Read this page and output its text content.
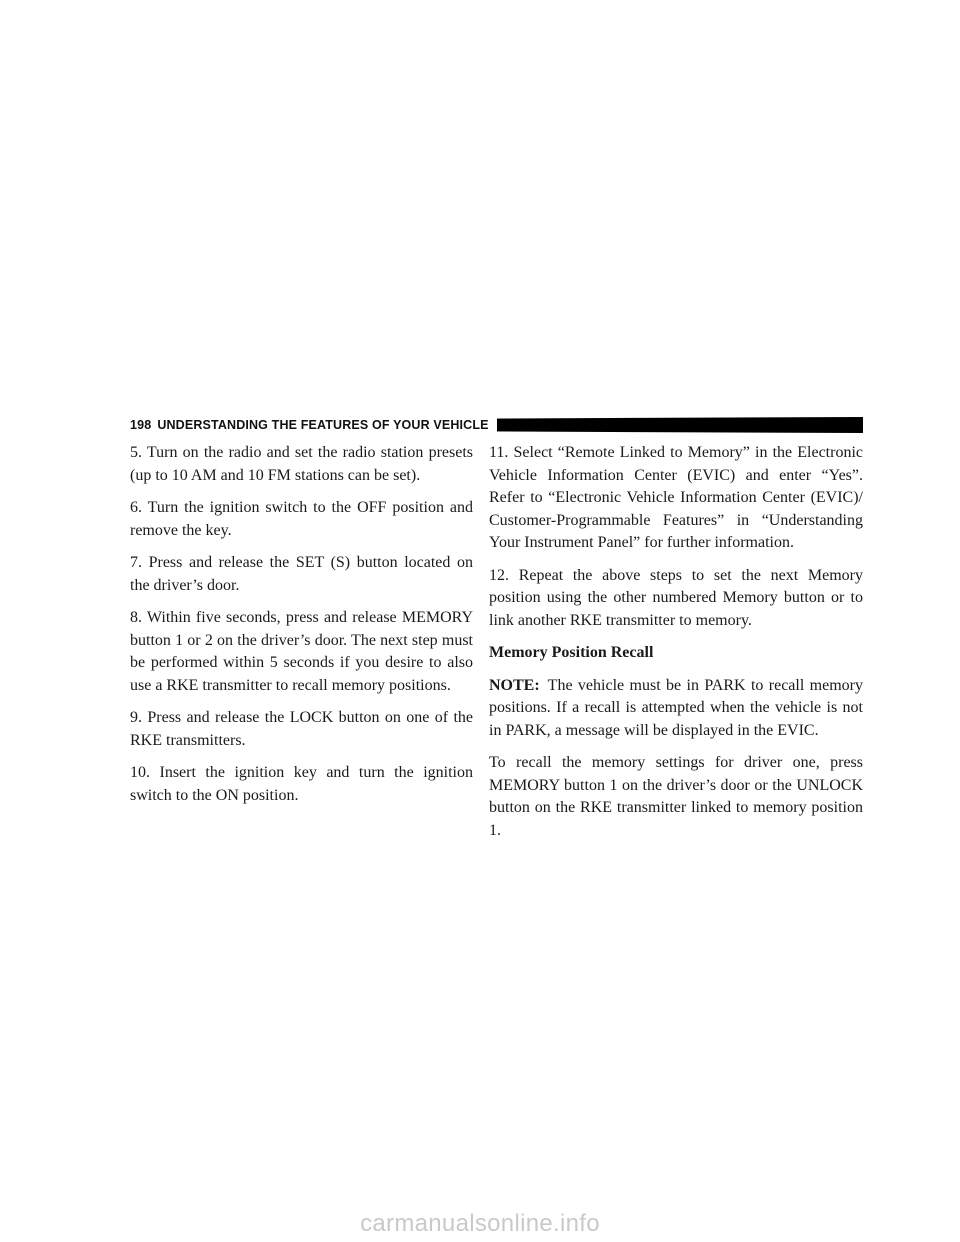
198 UNDERSTANDING THE FEATURES OF YOUR VEHICLE

5. Turn on the radio and set the radio station presets (up to 10 AM and 10 FM stations can be set).

6. Turn the ignition switch to the OFF position and remove the key.

7. Press and release the SET (S) button located on the driver’s door.

8. Within five seconds, press and release MEMORY button 1 or 2 on the driver’s door. The next step must be performed within 5 seconds if you desire to also use a RKE transmitter to recall memory positions.

9. Press and release the LOCK button on one of the RKE transmitters.

10. Insert the ignition key and turn the ignition switch to the ON position.

11. Select “Remote Linked to Memory” in the Electronic Vehicle Information Center (EVIC) and enter “Yes”. Refer to “Electronic Vehicle Information Center (EVIC)/ Customer-Programmable Features” in “Understanding Your Instrument Panel” for further information.

12. Repeat the above steps to set the next Memory position using the other numbered Memory button or to link another RKE transmitter to memory.

Memory Position Recall

NOTE: The vehicle must be in PARK to recall memory positions. If a recall is attempted when the vehicle is not in PARK, a message will be displayed in the EVIC.

To recall the memory settings for driver one, press MEMORY button 1 on the driver’s door or the UNLOCK button on the RKE transmitter linked to memory position 1.

carmanualsonline.info
